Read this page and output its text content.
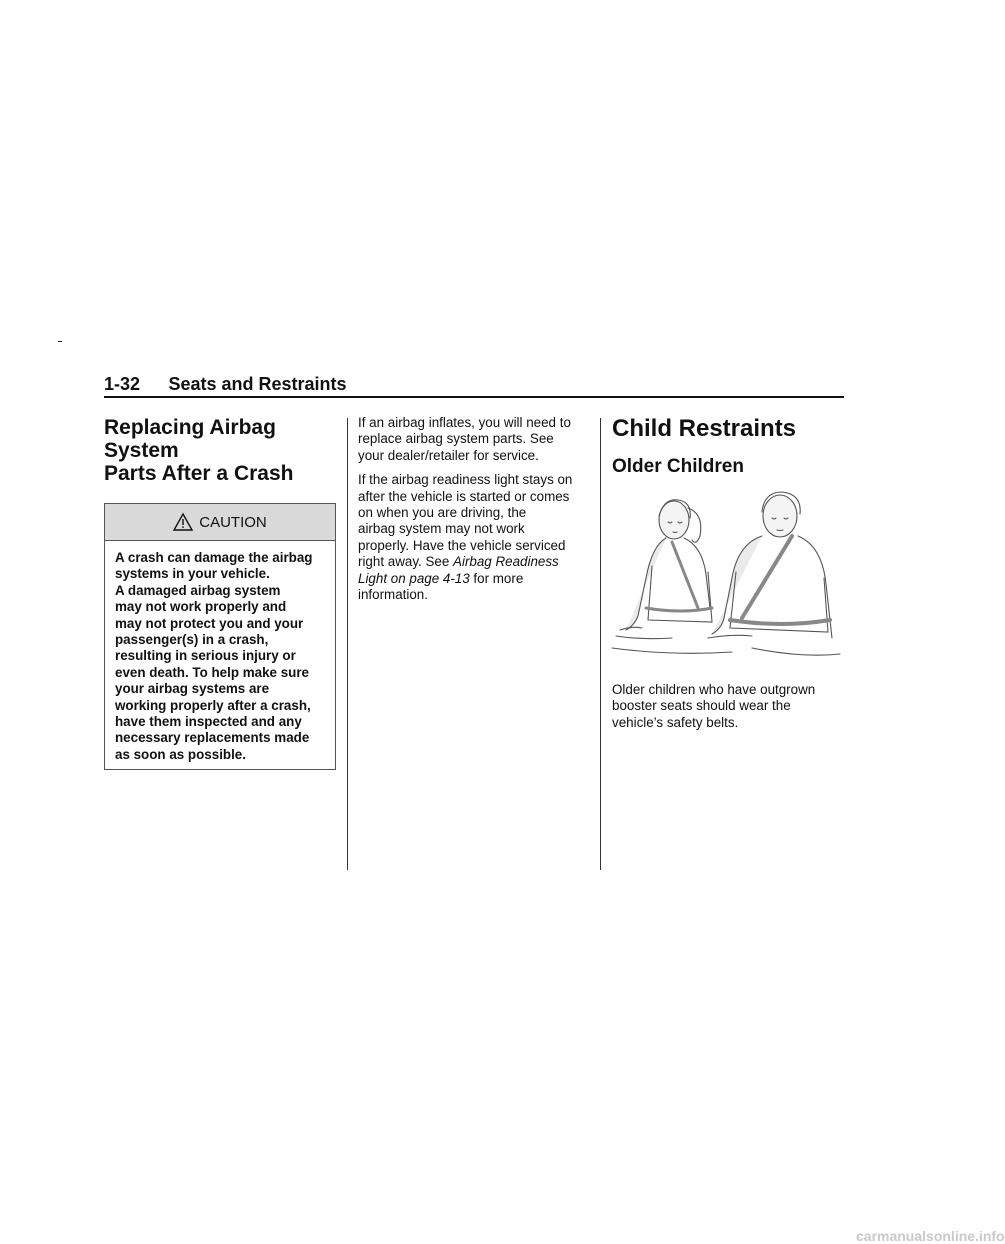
1-32 Seats and Restraints
Replacing Airbag System
Parts After a Crash
CAUTION
A crash can damage the airbag
systems in your vehicle.
A damaged airbag system
may not work properly and
may not protect you and your
passenger(s) in a crash,
resulting in serious injury or
even death. To help make sure
your airbag systems are
working properly after a crash,
have them inspected and any
necessary replacements made
as soon as possible.
If an airbag inflates, you will need to
replace airbag system parts. See
your dealer/retailer for service.
If the airbag readiness light stays on
after the vehicle is started or comes
on when you are driving, the
airbag system may not work
properly. Have the vehicle serviced
right away. See Airbag Readiness
Light on page 4-13 for more
information.
Child Restraints
Older Children
Older children who have outgrown
booster seats should wear the
vehicle’s safety belts.
carmanualsonline.info
